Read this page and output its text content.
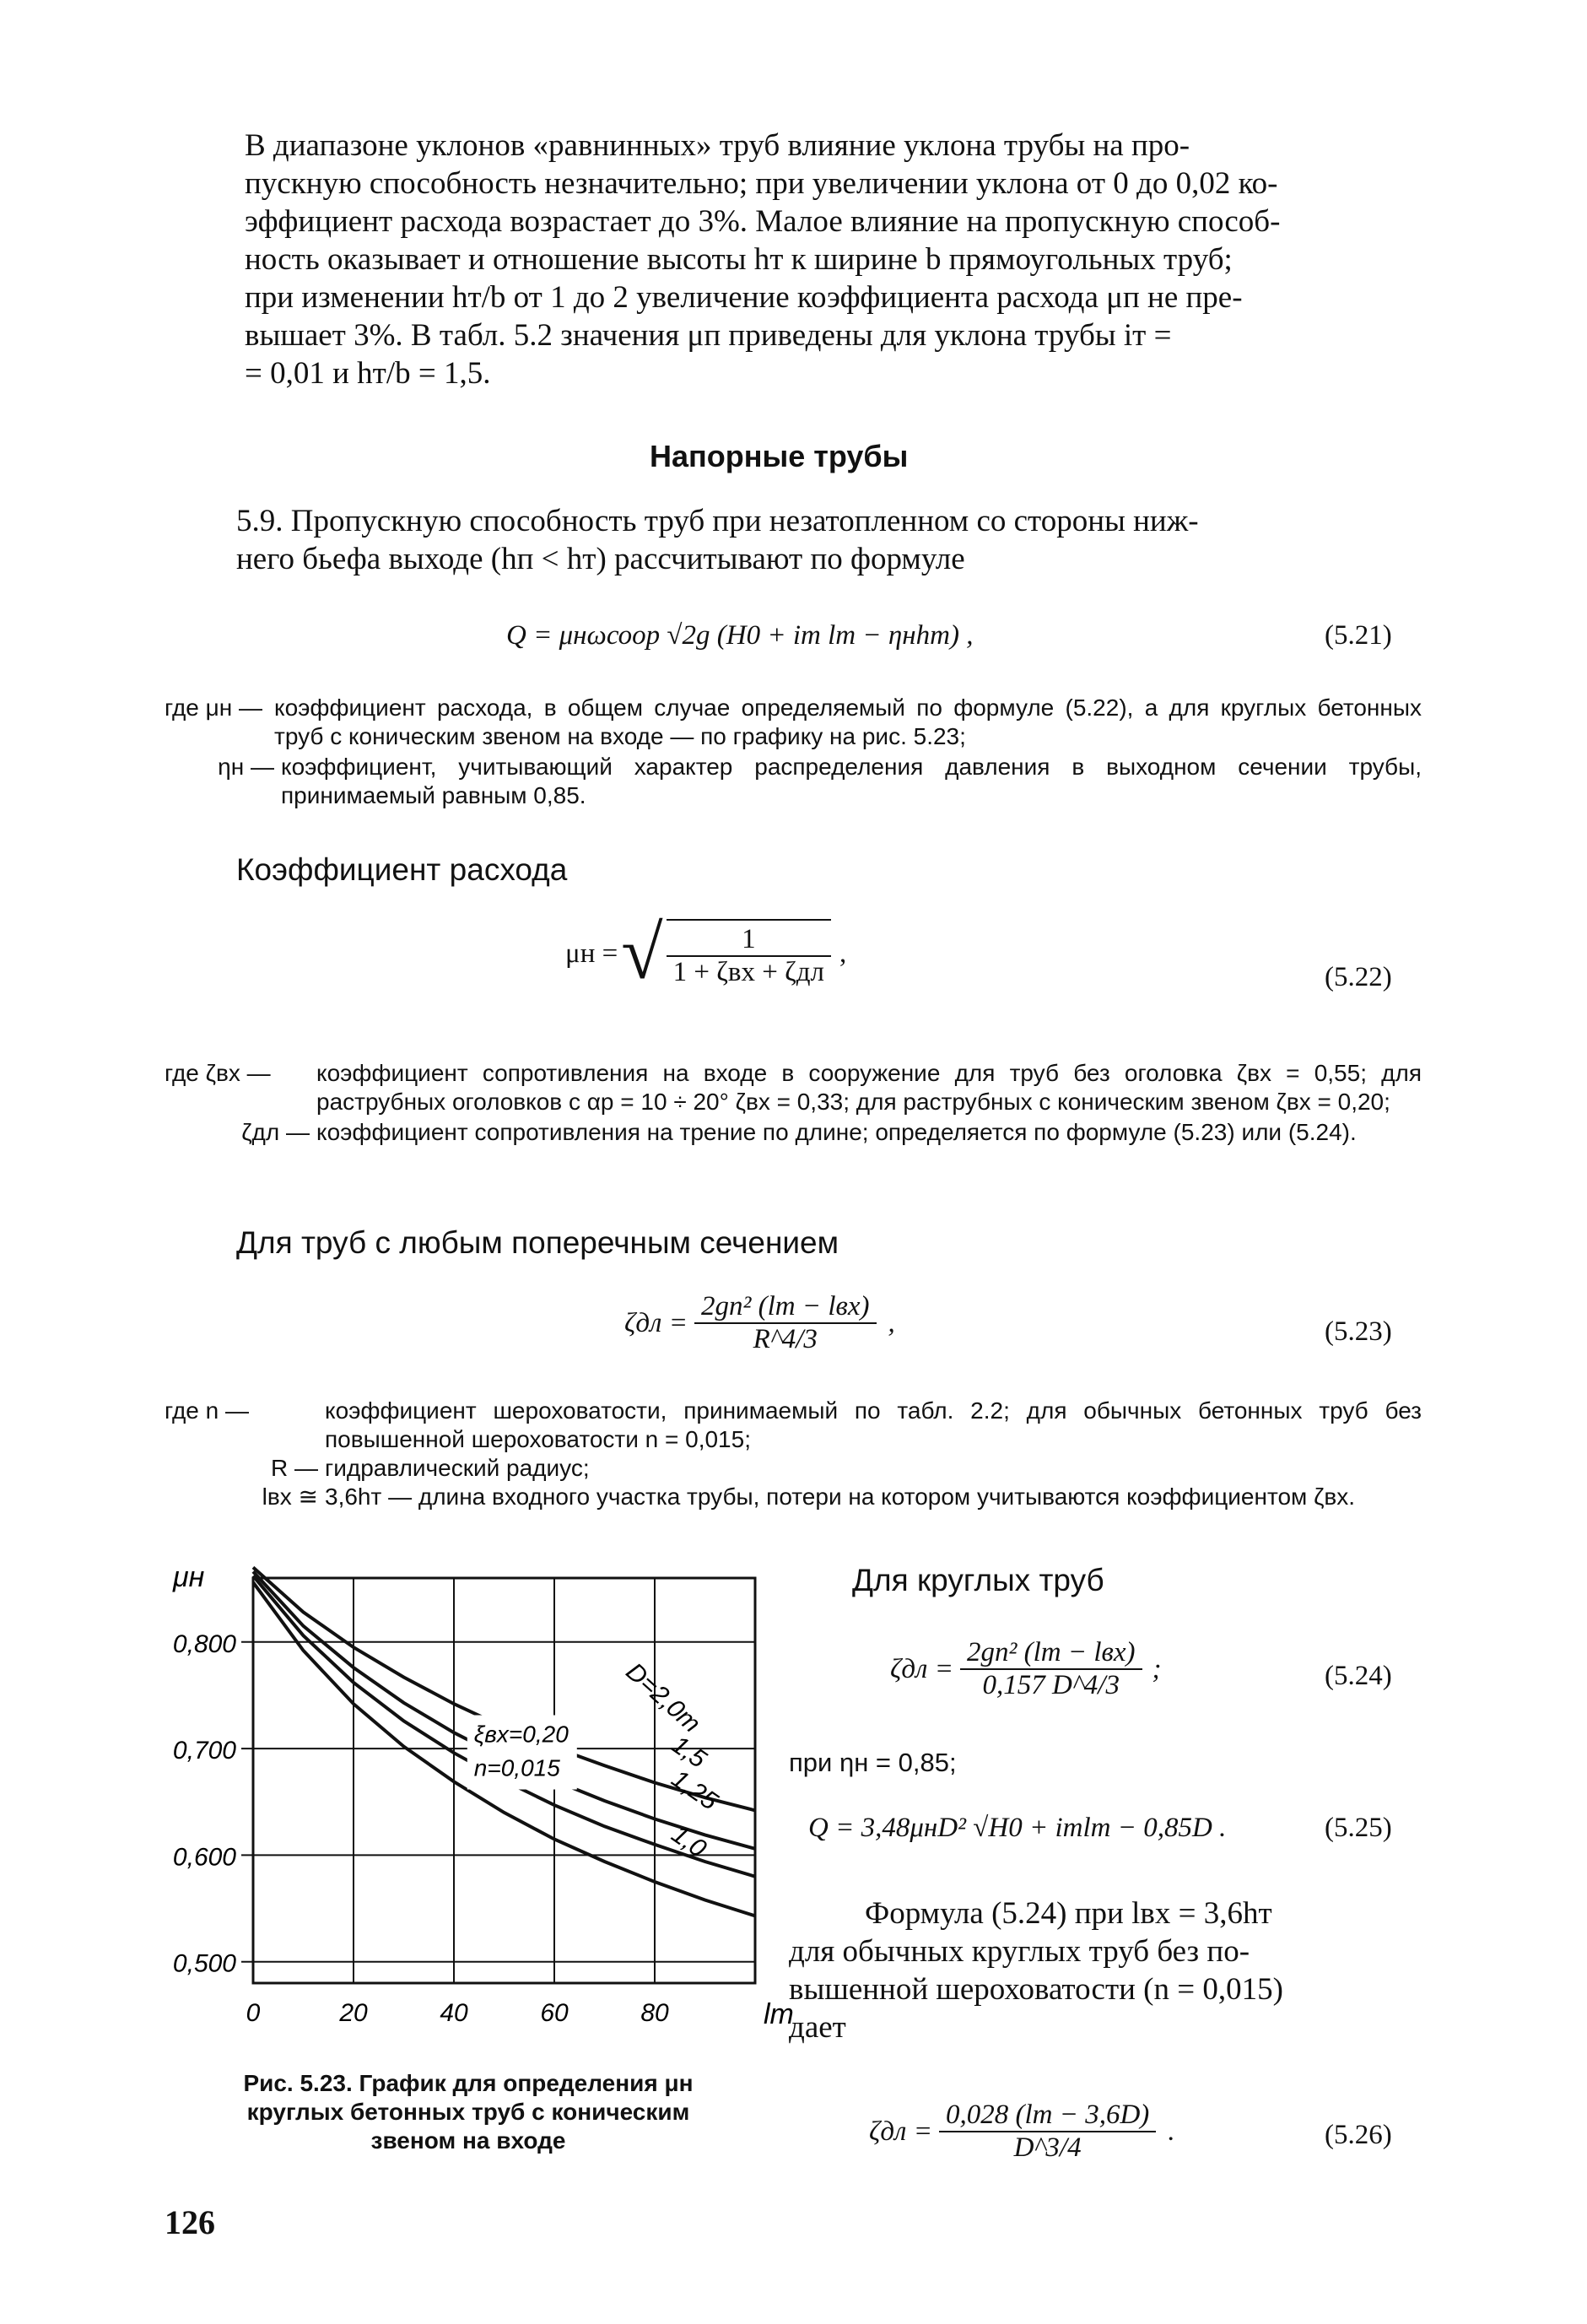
В диапазоне уклонов «равнинных» труб влияние уклона трубы на про-
пускную способность незначительно; при увеличении уклона от 0 до 0,02 ко-
эффициент расхода возрастает до 3%. Малое влияние на пропускную способ-
ность оказывает и отношение высоты hт к ширине b прямоугольных труб;
при изменении hт/b от 1 до 2 увеличение коэффициента расхода μп не пре-
вышает 3%. В табл. 5.2 значения μп приведены для уклона трубы iт =
= 0,01 и hт/b = 1,5.
Напорные трубы
5.9. Пропускную способность труб при незатопленном со стороны ниж-
него бьефа выходе (hп < hт) рассчитывают по формуле
Q = μнωсоор √2g (H0 + iт lт − ηнhт) ,	(5.21)
где μн — коэффициент расхода, в общем случае определяемый по формуле (5.22), а для круглых бетонных труб с коническим звеном на входе — по графику на рис. 5.23;
ηн — коэффициент, учитывающий характер распределения давления в выходном сечении трубы, принимаемый равным 0,85.
Коэффициент расхода
μн = √ $\frac{1}{\text{1 + ζвх + ζдл}}$ ,
(5.22)
где ζвх —	коэффициент сопротивления на входе в сооружение для труб без оголовка ζвх = 0,55; для раструбных оголовков с αр = 10 ÷ 20° ζвх = 0,33; для раструбных с коническим звеном ζвх = 0,20;
ζдл — коэффициент сопротивления на трение по длине; определяется по формуле (5.23) или (5.24).
Для труб с любым поперечным сечением
$\zeta дл = \frac{\text{2gn² (lт − lвх)}}{R\^{}4/3}$ ,	(5.23)
где n —	коэффициент шероховатости, принимаемый по табл. 2.2; для обычных бетонных труб без повышенной шероховатости n = 0,015;
R — гидравлический радиус;
lвх ≅ 3,6hт — длина входного участка трубы, потери на котором учитываются коэффициентом ζвх.
0	20	40	60	80
0,500
0,600
0,700
0,800
μн
lт
D=2,0m
1,5
1,25
1,0
ξвх=0,20
n=0,015
Рис. 5.23. График для определения μн
круглых бетонных труб с коническим
звеном на входе
126
Для круглых труб
$\zeta дл = \frac{\text{2gn² (lт − lвх)}}{0,157 D\^{}4/3}$ ;	(5.24)
при ηн = 0,85;
Q = 3,48μнD² √H0 + iтlт − 0,85D .	(5.25)
Формула (5.24) при lвх = 3,6hт
для обычных круглых труб без по-
вышенной шероховатости (n = 0,015)
дает
$\zeta дл = \frac{0,028 (lт - 3,6D)}{D\^{}3/4}$ .	(5.26)
